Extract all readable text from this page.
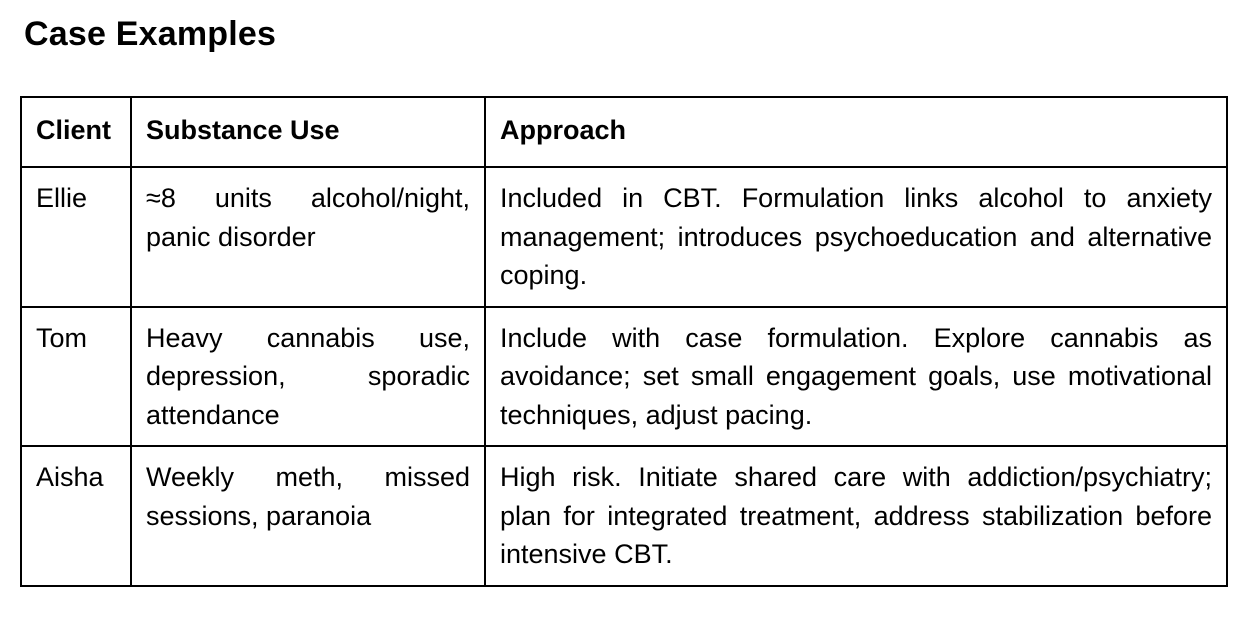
Case Examples
Client	Substance Use	Approach
Ellie	≈8 units alcohol/night, panic disorder	Included in CBT. Formulation links alcohol to anxiety management; introduces psychoeducation and alternative coping.
Tom	Heavy cannabis use, depression, sporadic attendance	Include with case formulation. Explore cannabis as avoidance; set small engagement goals, use motivational techniques, adjust pacing.
Aisha	Weekly meth, missed sessions, paranoia	High risk. Initiate shared care with addiction/psychiatry; plan for integrated treatment, address stabilization before intensive CBT.
